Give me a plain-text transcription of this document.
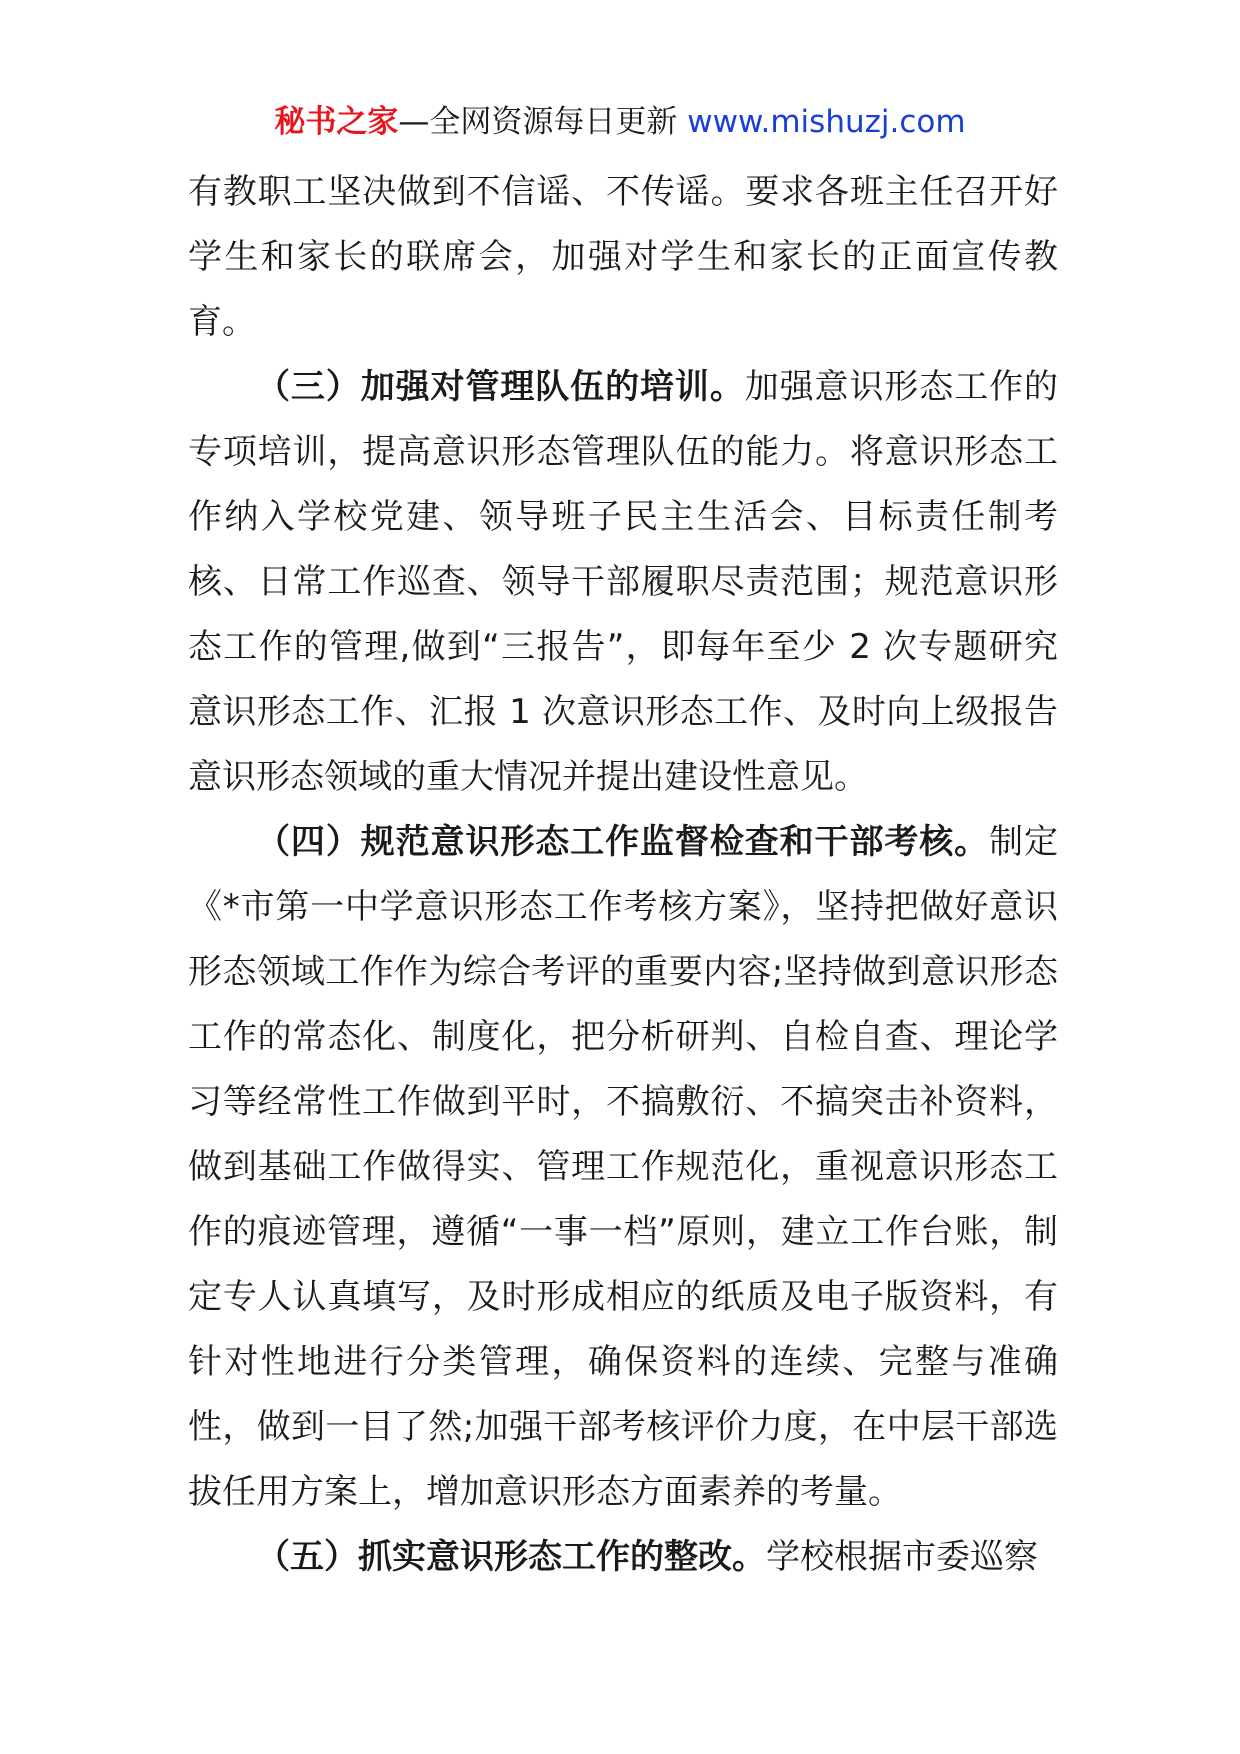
秘书之家—全网资源每日更新 www.mishuzj.com

有教职工坚决做到不信谣、不传谣。要求各班主任召开好学生和家长的联席会，加强对学生和家长的正面宣传教育。

（三）加强对管理队伍的培训。加强意识形态工作的专项培训，提高意识形态管理队伍的能力。将意识形态工作纳入学校党建、领导班子民主生活会、目标责任制考核、日常工作巡查、领导干部履职尽责范围；规范意识形态工作的管理,做到“三报告”，即每年至少 2 次专题研究意识形态工作、汇报 1 次意识形态工作、及时向上级报告意识形态领域的重大情况并提出建设性意见。

（四）规范意识形态工作监督检查和干部考核。制定《*市第一中学意识形态工作考核方案》，坚持把做好意识形态领域工作作为综合考评的重要内容;坚持做到意识形态工作的常态化、制度化，把分析研判、自检自查、理论学习等经常性工作做到平时，不搞敷衍、不搞突击补资料，做到基础工作做得实、管理工作规范化，重视意识形态工作的痕迹管理，遵循“一事一档”原则，建立工作台账，制定专人认真填写，及时形成相应的纸质及电子版资料，有针对性地进行分类管理，确保资料的连续、完整与准确性，做到一目了然;加强干部考核评价力度，在中层干部选拔任用方案上，增加意识形态方面素养的考量。

（五）抓实意识形态工作的整改。学校根据市委巡察
